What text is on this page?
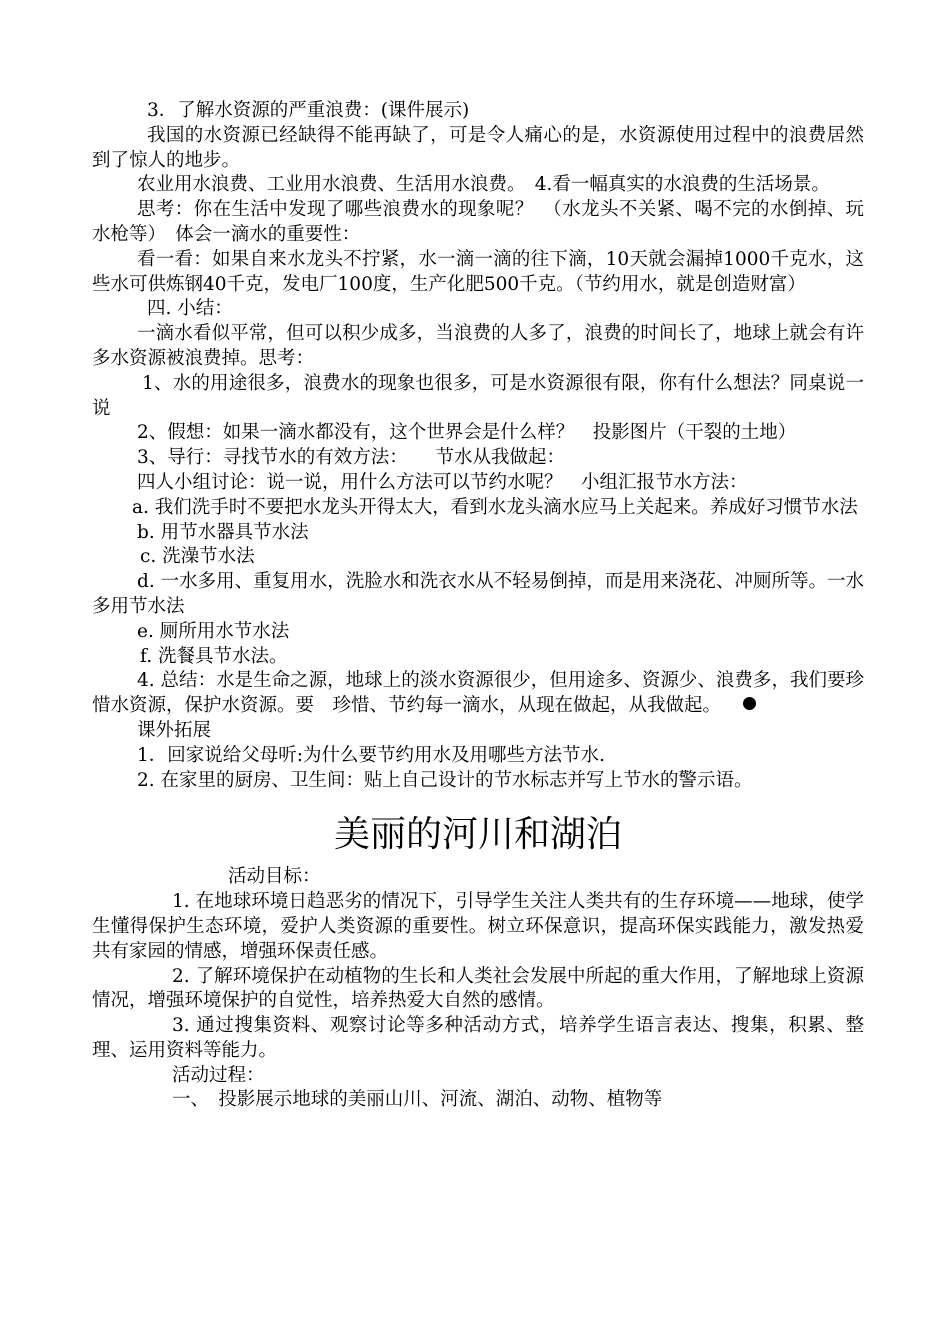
3．了解水资源的严重浪费：(课件展示)

我国的水资源已经缺得不能再缺了，可是令人痛心的是，水资源使用过程中的浪费居然到了惊人的地步。

农业用水浪费、工业用水浪费、生活用水浪费。　4.看一幅真实的水浪费的生活场景。

思考：你在生活中发现了哪些浪费水的现象呢？　（水龙头不关紧、喝不完的水倒掉、玩水枪等）　体会一滴水的重要性：

看一看：如果自来水龙头不拧紧，水一滴一滴的往下滴，10天就会漏掉1000千克水，这些水可供炼钢40千克，发电厂100度，生产化肥500千克。（节约用水，就是创造财富）

四. 小结：

一滴水看似平常，但可以积少成多，当浪费的人多了，浪费的时间长了，地球上就会有许多水资源被浪费掉。思考：

1、水的用途很多，浪费水的现象也很多，可是水资源很有限，你有什么想法？同桌说一说

2、假想：如果一滴水都没有，这个世界会是什么样？　投影图片（干裂的土地）

3、导行：寻找节水的有效方法：　　节水从我做起：

四人小组讨论：说一说，用什么方法可以节约水呢？　小组汇报节水方法：

a. 我们洗手时不要把水龙头开得太大，看到水龙头滴水应马上关起来。养成好习惯节水法

b. 用节水器具节水法

c. 洗澡节水法

d. 一水多用、重复用水，洗脸水和洗衣水从不轻易倒掉，而是用来浇花、冲厕所等。一水多用节水法

e. 厕所用水节水法

f. 洗餐具节水法。

4. 总结：水是生命之源，地球上的淡水资源很少，但用途多、资源少、浪费多，我们要珍惜水资源，保护水资源。要　珍惜、节约每一滴水，从现在做起，从我做起。

课外拓展

1．回家说给父母听:为什么要节约用水及用哪些方法节水.

2. 在家里的厨房、卫生间：贴上自己设计的节水标志并写上节水的警示语。

美丽的河川和湖泊

活动目标：

1. 在地球环境日趋恶劣的情况下，引导学生关注人类共有的生存环境——地球，使学生懂得保护生态环境，爱护人类资源的重要性。树立环保意识，提高环保实践能力，激发热爱共有家园的情感，增强环保责任感。

2. 了解环境保护在动植物的生长和人类社会发展中所起的重大作用，了解地球上资源情况，增强环境保护的自觉性，培养热爱大自然的感情。

3. 通过搜集资料、观察讨论等多种活动方式，培养学生语言表达、搜集，积累、整理、运用资料等能力。

活动过程：

一、　投影展示地球的美丽山川、河流、湖泊、动物、植物等
